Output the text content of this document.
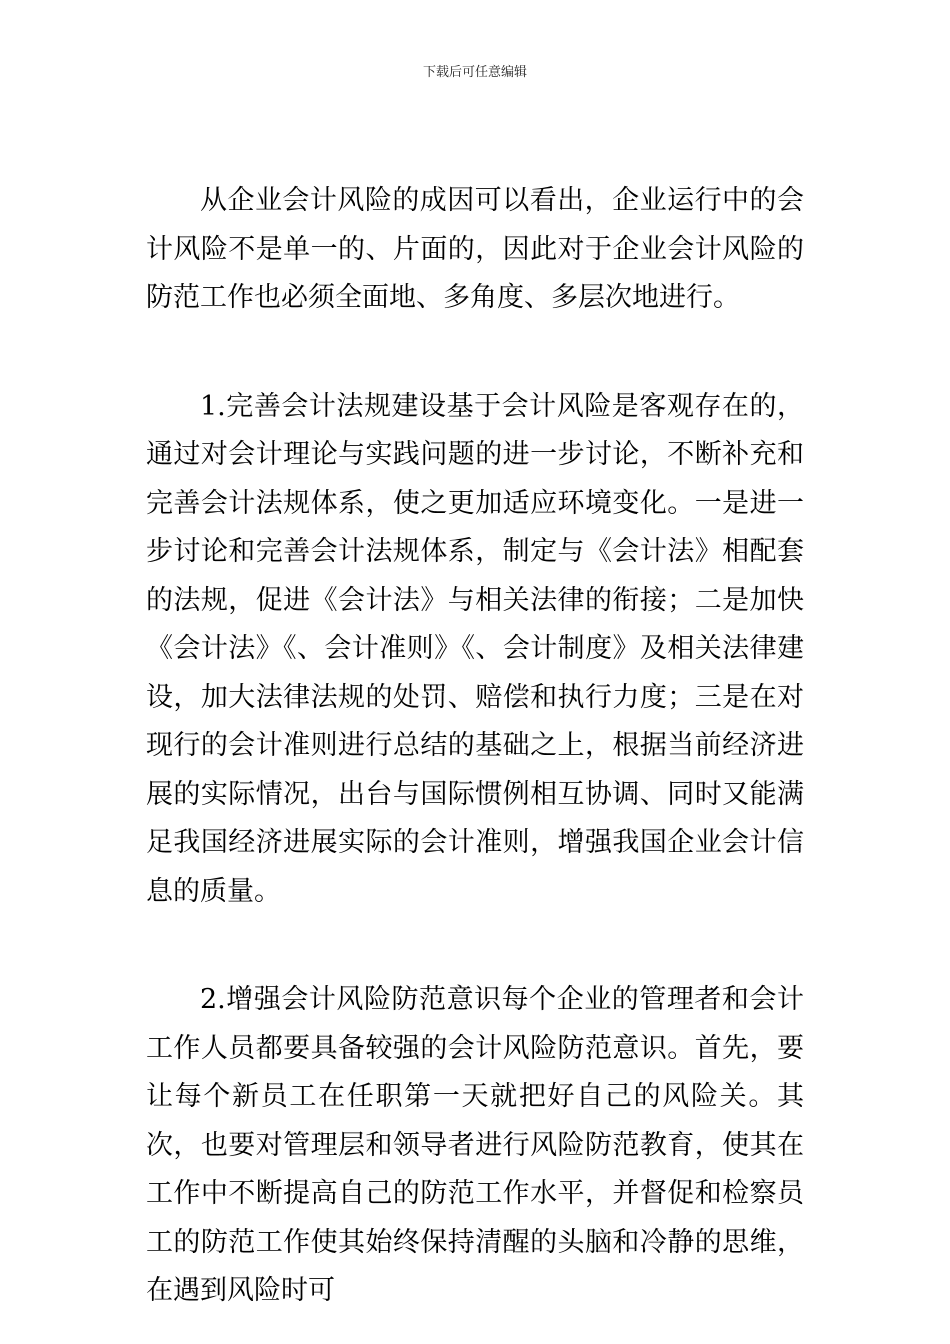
下载后可任意编辑

从企业会计风险的成因可以看出，企业运行中的会计风险不是单一的、片面的，因此对于企业会计风险的防范工作也必须全面地、多角度、多层次地进行。

1.完善会计法规建设基于会计风险是客观存在的，通过对会计理论与实践问题的进一步讨论，不断补充和完善会计法规体系，使之更加适应环境变化。一是进一步讨论和完善会计法规体系，制定与《会计法》相配套的法规，促进《会计法》与相关法律的衔接；二是加快《会计法》《、会计准则》《、会计制度》及相关法律建设，加大法律法规的处罚、赔偿和执行力度；三是在对现行的会计准则进行总结的基础之上，根据当前经济进展的实际情况，出台与国际惯例相互协调、同时又能满足我国经济进展实际的会计准则，增强我国企业会计信息的质量。

2.增强会计风险防范意识每个企业的管理者和会计工作人员都要具备较强的会计风险防范意识。首先，要让每个新员工在任职第一天就把好自己的风险关。其次，也要对管理层和领导者进行风险防范教育，使其在工作中不断提高自己的防范工作水平，并督促和检察员工的防范工作使其始终保持清醒的头脑和冷静的思维，在遇到风险时可
